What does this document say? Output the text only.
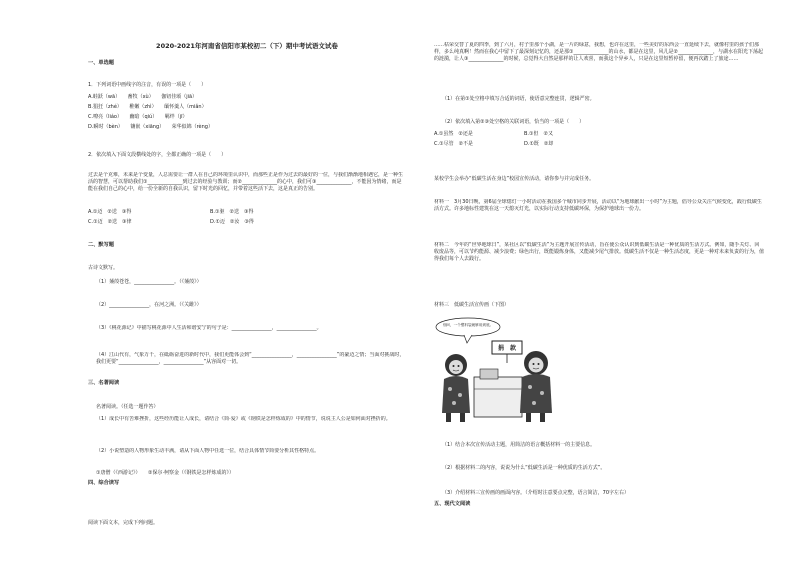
2020-2021年河南省信阳市某校初二（下）期中考试语文试卷
一、单选题
1．下列词语中画线字的注音，有误的一项是（　　）
A.蛙跃（wā）　　畜牧（xù）　　伽钮佳颂（jiā）
B.猖狂（zhé）　　稚嫩（zhì）　　缅怀羹人（miǎn）
C.嘹亮（liáo）　　幽暗（qiú）　　羁绊（jī）
D.瞬时（bèn）　　镶嵌（xiāng）　　荣华似锦（rèng）
2．依次填入下面文段横线处的字，全都正确的一项是（　　）
过去是个克难，未来是个变量，人总需要让一群人在自己的环境里认识中，而那些正是作为过去的最好的一位，与我们渐渐地相遇它，是一种生活的智慧，可以帮助我们①______________到过去的经验与教训；而②______________的心中，我们可③______________，不能因为情绪，而是能在我们自己的心中，给一份全新的自我认识，留下时光的回忆，并带着这些活下去，这是真正的告别。
A.①迈　②送　③得	B.①驱　②送　③得
C.①迈　②送　③律	D.①迈　②汝　③得
二、默写题
古诗文默写。
（1）蒹葭苍苍，________________。（《蒹葭》）
（2）________________，在河之洲。（《关雎》）
（3）《桃花源记》中描写桃花源中人生活和谐安宁的句子是：________________，________________。
（4）江山代有，气象万千，在砥砺奋进的新时代中，我们更能体会到“________________，________________”的豪迈之情；当面对挑战时，我们更要“________________，________________”从容面对一切。
三、名著阅读
名著阅读。（任选一题作答）
（1）成长中有苦难挫折，这些经历能让人成长，请结合《简·爱》或《钢铁是怎样炼成的》中的情节，说说主人公是如何面对挫折的。
（2）小说塑造的人物形象生动丰满，请从下面人物中任选一位，结合具体情节简要分析其性格特点。
①唐僧（《西游记》）　　②保尔·柯察金（《钢铁是怎样炼成的》）
四、综合读写
阅读下面文本，完成下列问题。
……枯荣交替了夏的四季，到了六月，村子里那个小湖，是一片的绿意，我想，也许在这里，一些美好的东西会一直延续下去，就像村里的孩子们那样，多么纯真啊！然而在我心中留下了最深刻记忆的，还是那①______________的山水，都是在这里，风儿是②______________，与湖水在阳光下荡起的涟漪，让人③______________的时候，总觉得大自然是那样的让人欢喜，而我这个异乡人，只是在这里短暂停留，便再次踏上了旅途……
（1）在第①处空格中填写合适的词语，使语意完整连贯，逻辑严密。
（2）依次填入第②③处空格的关联词语，恰当的一项是（　　）
A.①虽然　②还是	B.①但　②又
C.①尽管　②不是	D.①既　②却
某校学生会举办“低碳生活在身边”校园宣传活动，请你参与并完成任务。
材料一　3月30日晚，第6届全球熄灯一小时活动在我国多个城市同步开展，活动以“为地球献出一小时”为主题，倡导公众关注气候变化，践行低碳生活方式。许多地标性建筑在这一天熄灭灯光，以实际行动支持低碳环保，为保护地球出一份力。
材料二　今年的“世界地球日”，某社区以“低碳生活”为主题开展宣传活动，旨在使公众认识到低碳生活是一种优质的生活方式。例如，随手关灯、回收废品等，可以节约能源、减少浪费；绿色出行，既能锻炼身体，又能减少尾气排放。低碳生活不仅是一种生活态度，更是一种对未来负责的行为，值得我们每个人去践行。
材料三　低碳生活宣传画（下图）
别问，一个塑料袋就够用到底。
捐　款
（1）结合本次宣传活动主题，用简洁的语言概括材料一的主要信息。
（2）根据材料二的内容，说说为什么“低碳生活是一种优质的生活方式”。
（3）介绍材料三宣传画的画面内容。（介绍时注意要点完整，语言简洁，70字左右）
五、现代文阅读
